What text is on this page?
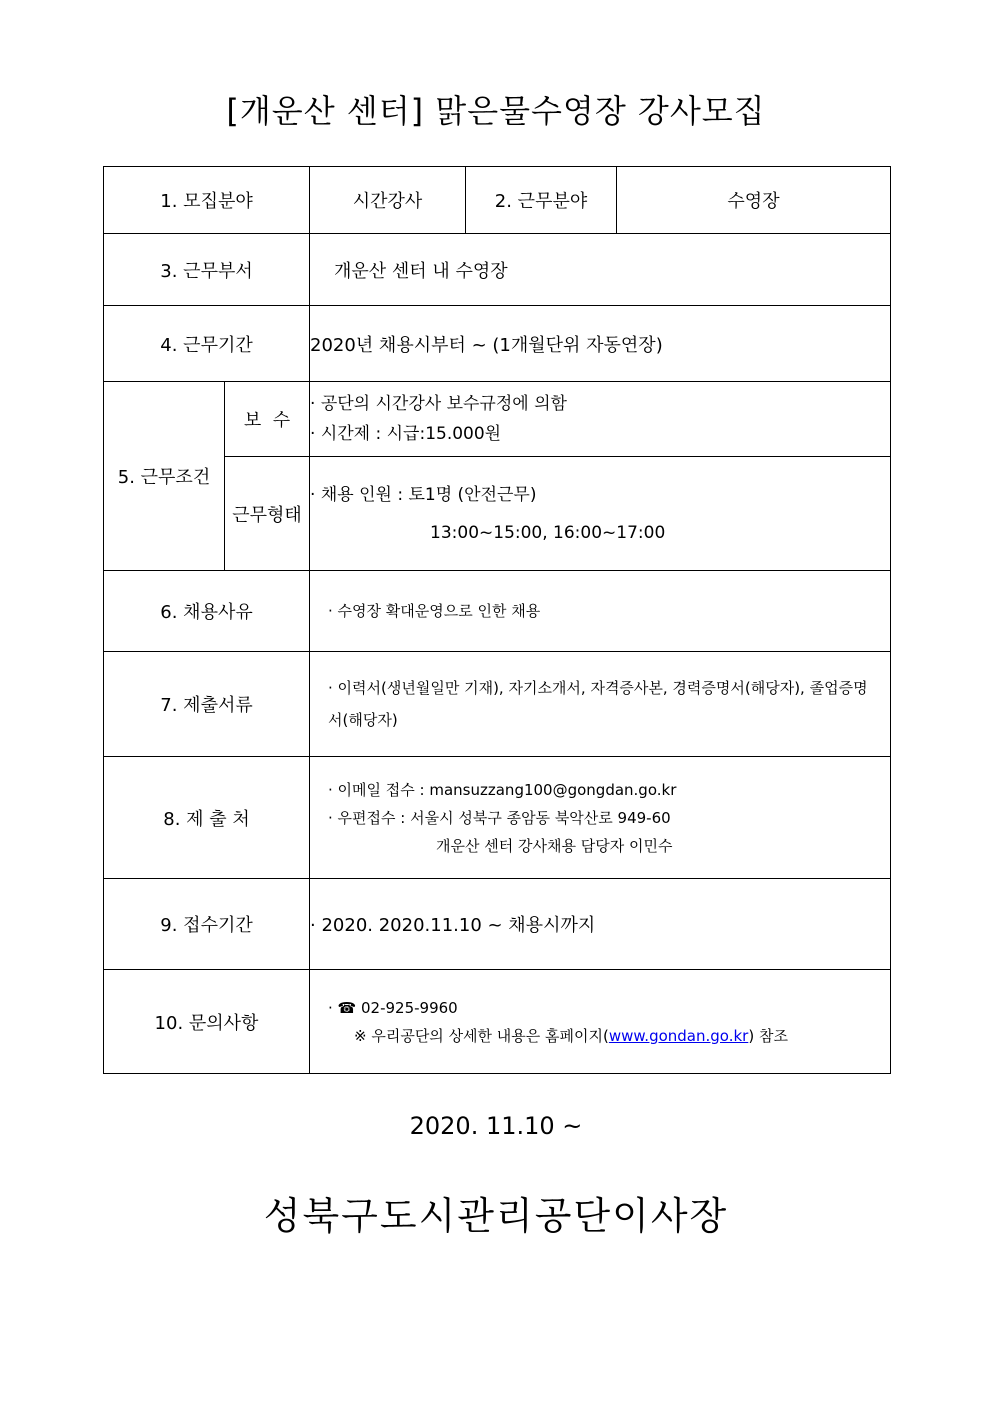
[개운산 센터] 맑은물수영장 강사모집
1. 모집분야		시간강사	2. 근무분야	수영장
3. 근무부서		개운산 센터 내 수영장		
4. 근무기간		2020년 채용시부터 ~ (1개월단위 자동연장)		
5. 근무조건	보  수	· 공단의 시간강사 보수규정에 의함
· 시간제 : 시급:15.000원		

	근무형태	· 채용 인원 : 토1명 (안전근무)
13:00~15:00, 16:00~17:00		

6. 채용사유		· 수영장 확대운영으로 인한 채용		
7. 제출서류		· 이력서(생년월일만 기재), 자기소개서, 자격증사본, 경력증명서(해당자), 졸업증명서(해당자)		
8. 제 출 처		· 이메일 접수 : mansuzzang100@gongdan.go.kr
· 우편접수 : 서울시 성북구 종암동 북악산로 949-60
개운산 센터 강사채용 담당자 이민수		

9. 접수기간		· 2020. 2020.11.10 ~ 채용시까지		
10. 문의사항		· ☎ 02-925-9960
※ 우리공단의 상세한 내용은 홈페이지(www.gondan.go.kr) 참조		
2020. 11.10 ~
성북구도시관리공단이사장
